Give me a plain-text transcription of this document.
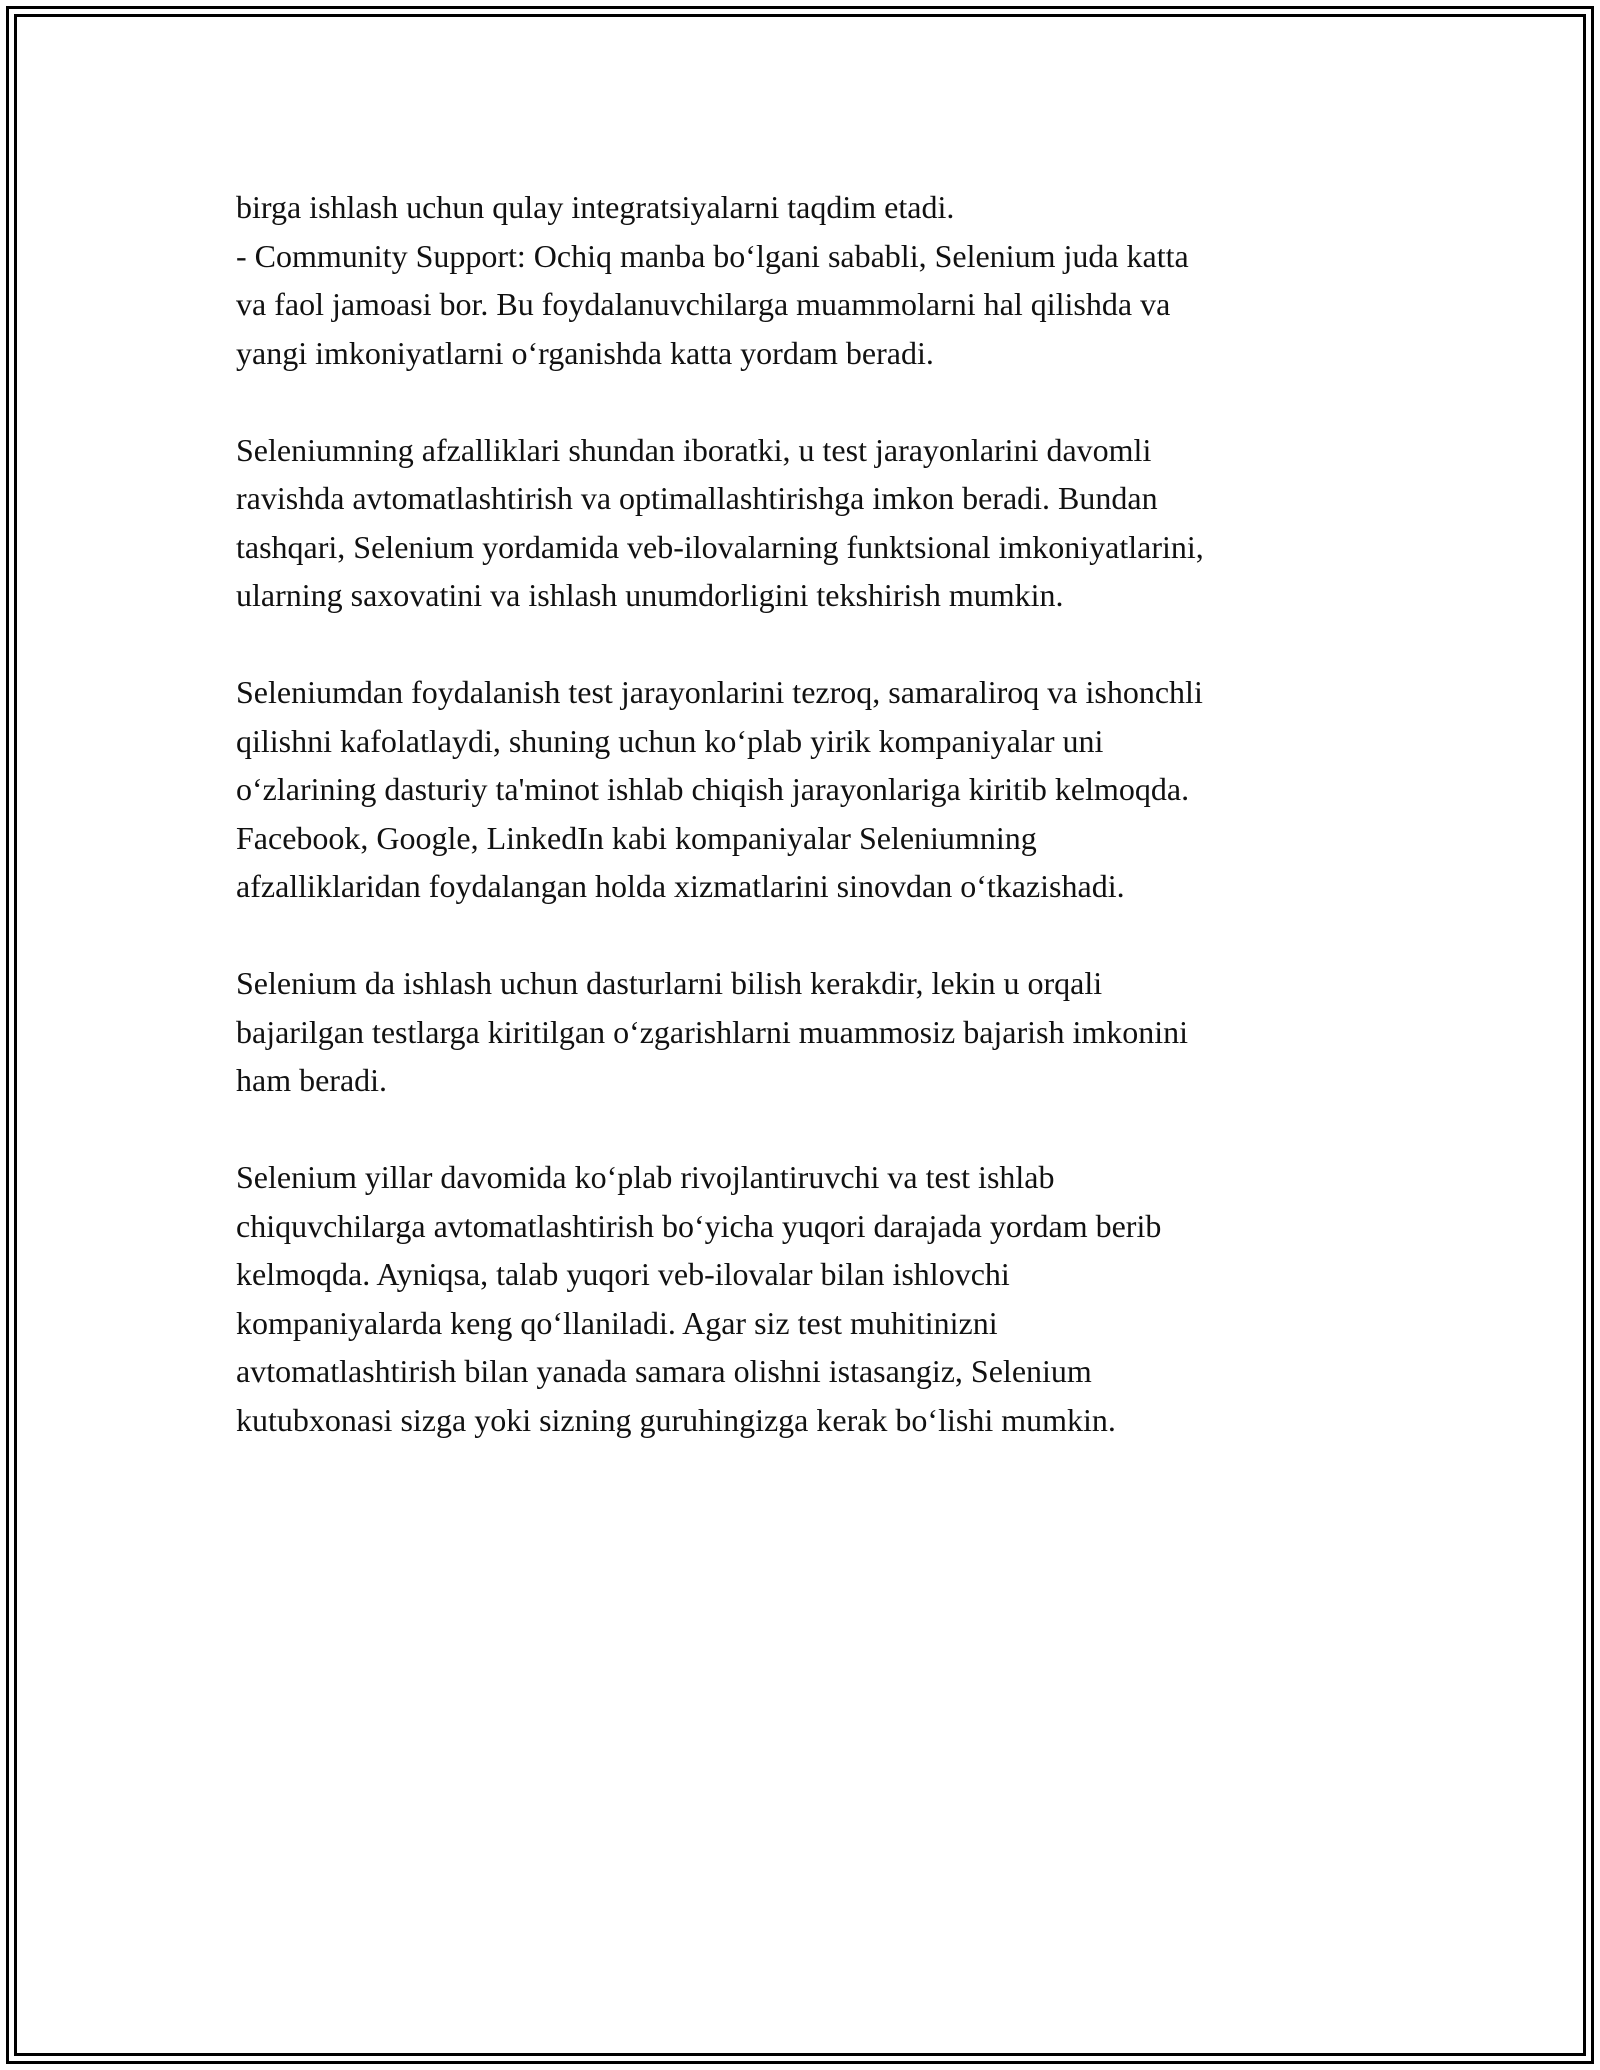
birga ishlash uchun qulay integratsiyalarni taqdim etadi.
- Community Support: Ochiq manba bo‘lgani sababli, Selenium juda katta
va faol jamoasi bor. Bu foydalanuvchilarga muammolarni hal qilishda va
yangi imkoniyatlarni o‘rganishda katta yordam beradi.
Seleniumning afzalliklari shundan iboratki, u test jarayonlarini davomli
ravishda avtomatlashtirish va optimallashtirishga imkon beradi. Bundan
tashqari, Selenium yordamida veb-ilovalarning funktsional imkoniyatlarini,
ularning saxovatini va ishlash unumdorligini tekshirish mumkin.
Seleniumdan foydalanish test jarayonlarini tezroq, samaraliroq va ishonchli
qilishni kafolatlaydi, shuning uchun ko‘plab yirik kompaniyalar uni
o‘zlarining dasturiy ta'minot ishlab chiqish jarayonlariga kiritib kelmoqda.
Facebook, Google, LinkedIn kabi kompaniyalar Seleniumning
afzalliklaridan foydalangan holda xizmatlarini sinovdan o‘tkazishadi.
Selenium da ishlash uchun dasturlarni bilish kerakdir, lekin u orqali
bajarilgan testlarga kiritilgan o‘zgarishlarni muammosiz bajarish imkonini
ham beradi.
Selenium yillar davomida ko‘plab rivojlantiruvchi va test ishlab
chiquvchilarga avtomatlashtirish bo‘yicha yuqori darajada yordam berib
kelmoqda. Ayniqsa, talab yuqori veb-ilovalar bilan ishlovchi
kompaniyalarda keng qo‘llaniladi. Agar siz test muhitinizni
avtomatlashtirish bilan yanada samara olishni istasangiz, Selenium
kutubxonasi sizga yoki sizning guruhingizga kerak bo‘lishi mumkin.
